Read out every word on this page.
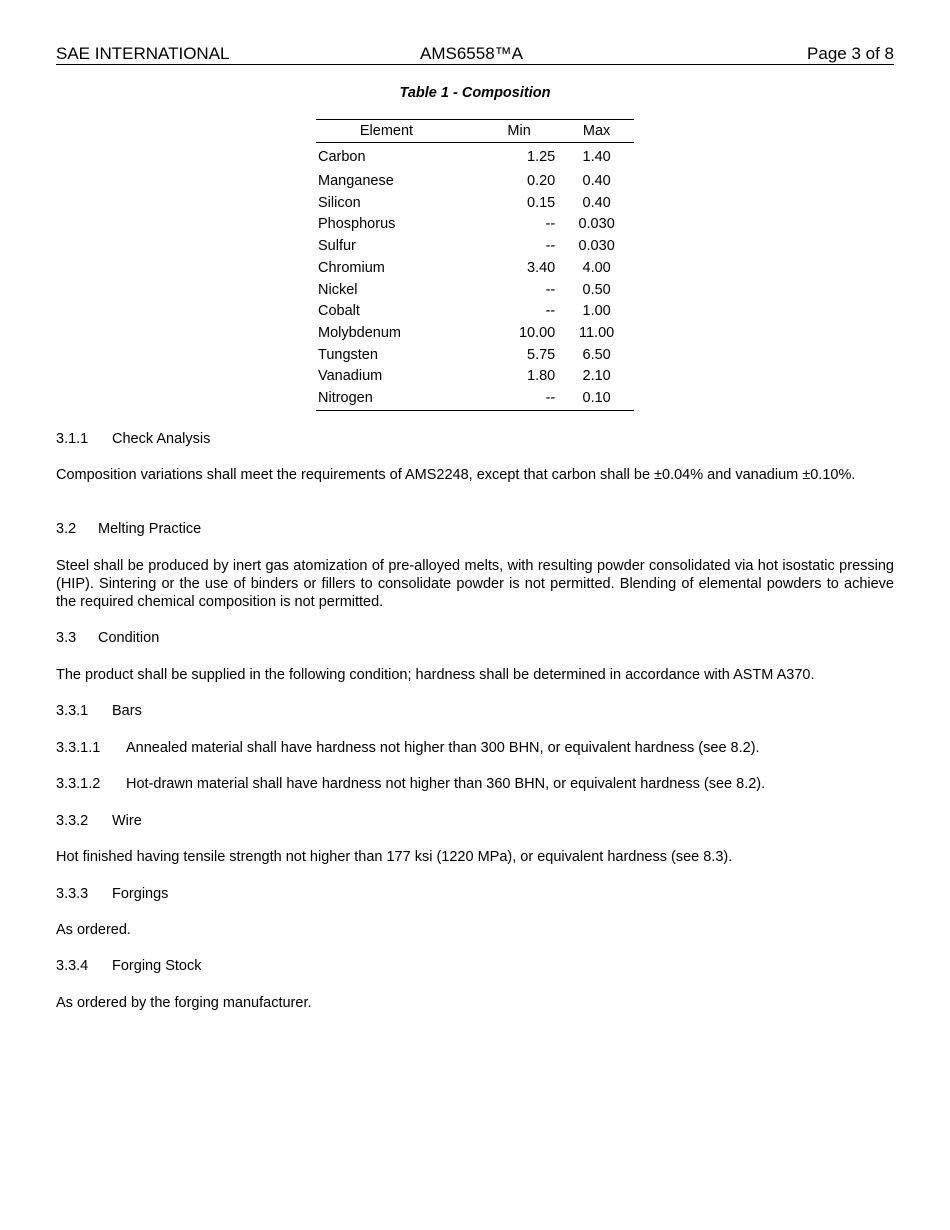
SAE INTERNATIONAL	AMS6558™A	Page 3 of 8
Table 1 - Composition
Element	Min	Max
Carbon	1.25	1.40
Manganese	0.20	0.40
Silicon	0.15	0.40
Phosphorus	--	0.030
Sulfur	--	0.030
Chromium	3.40	4.00
Nickel	--	0.50
Cobalt	--	1.00
Molybdenum	10.00	11.00
Tungsten	5.75	6.50
Vanadium	1.80	2.10
Nitrogen	--	0.10
3.1.1 Check Analysis
Composition variations shall meet the requirements of AMS2248, except that carbon shall be ±0.04% and vanadium ±0.10%.
3.2 Melting Practice
Steel shall be produced by inert gas atomization of pre-alloyed melts, with resulting powder consolidated via hot isostatic pressing (HIP). Sintering or the use of binders or fillers to consolidate powder is not permitted. Blending of elemental powders to achieve the required chemical composition is not permitted.
3.3 Condition
The product shall be supplied in the following condition; hardness shall be determined in accordance with ASTM A370.
3.3.1 Bars
3.3.1.1 Annealed material shall have hardness not higher than 300 BHN, or equivalent hardness (see 8.2).
3.3.1.2 Hot-drawn material shall have hardness not higher than 360 BHN, or equivalent hardness (see 8.2).
3.3.2 Wire
Hot finished having tensile strength not higher than 177 ksi (1220 MPa), or equivalent hardness (see 8.3).
3.3.3 Forgings
As ordered.
3.3.4 Forging Stock
As ordered by the forging manufacturer.
